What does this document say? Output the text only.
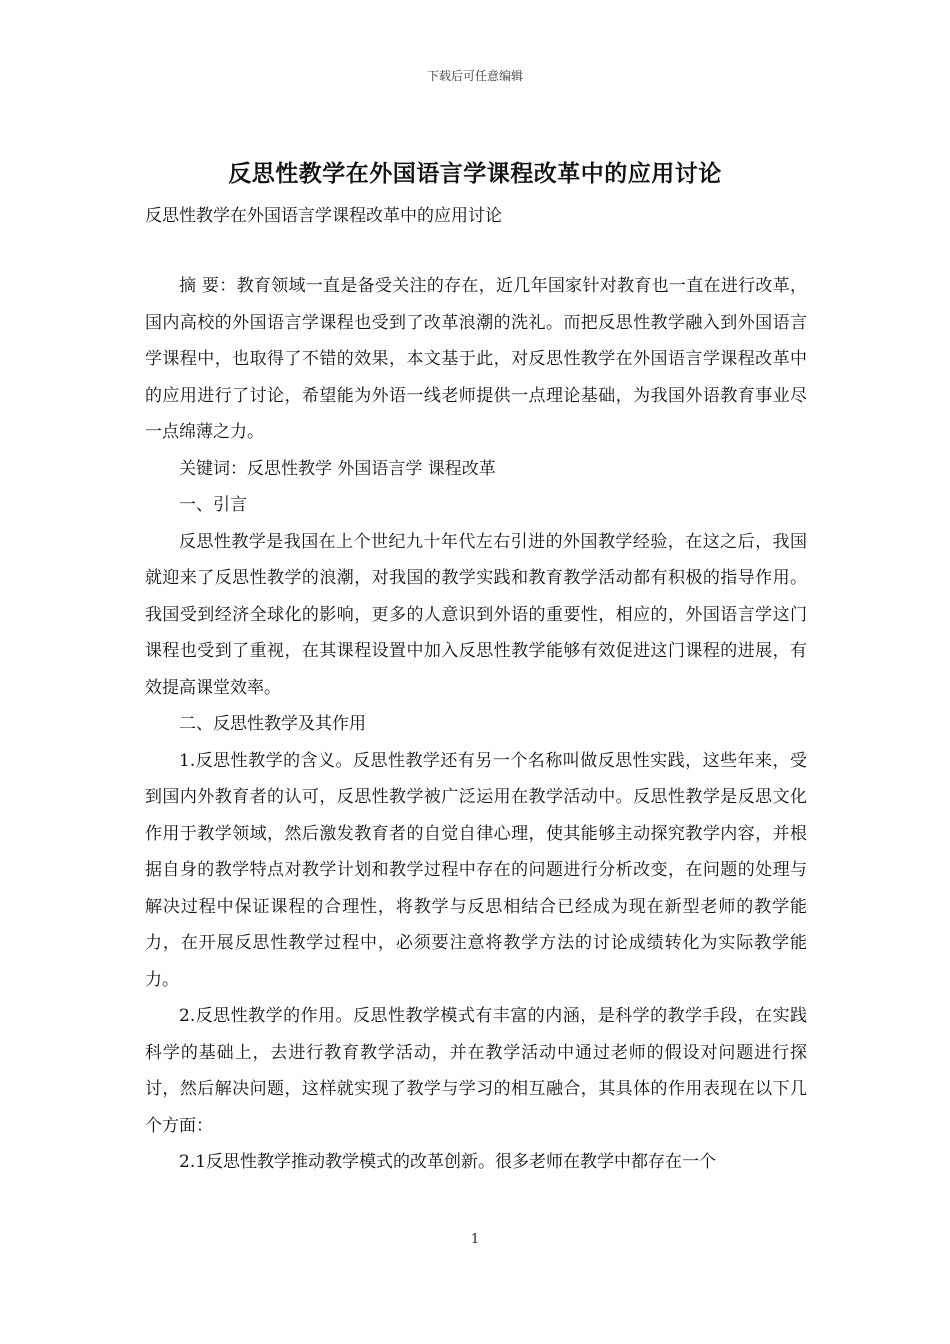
下载后可任意编辑
反思性教学在外国语言学课程改革中的应用讨论

反思性教学在外国语言学课程改革中的应用讨论

摘 要：教育领域一直是备受关注的存在，近几年国家针对教育也一直在进行改革，国内高校的外国语言学课程也受到了改革浪潮的洗礼。而把反思性教学融入到外国语言学课程中，也取得了不错的效果，本文基于此，对反思性教学在外国语言学课程改革中的应用进行了讨论，希望能为外语一线老师提供一点理论基础，为我国外语教育事业尽一点绵薄之力。

关键词：反思性教学 外国语言学 课程改革

一、引言

反思性教学是我国在上个世纪九十年代左右引进的外国教学经验，在这之后，我国就迎来了反思性教学的浪潮，对我国的教学实践和教育教学活动都有积极的指导作用。我国受到经济全球化的影响，更多的人意识到外语的重要性，相应的，外国语言学这门课程也受到了重视，在其课程设置中加入反思性教学能够有效促进这门课程的进展，有效提高课堂效率。

二、反思性教学及其作用

1.反思性教学的含义。反思性教学还有另一个名称叫做反思性实践，这些年来，受到国内外教育者的认可，反思性教学被广泛运用在教学活动中。反思性教学是反思文化作用于教学领域，然后激发教育者的自觉自律心理，使其能够主动探究教学内容，并根据自身的教学特点对教学计划和教学过程中存在的问题进行分析改变，在问题的处理与解决过程中保证课程的合理性，将教学与反思相结合已经成为现在新型老师的教学能力，在开展反思性教学过程中，必须要注意将教学方法的讨论成绩转化为实际教学能力。

2.反思性教学的作用。反思性教学模式有丰富的内涵，是科学的教学手段，在实践科学的基础上，去进行教育教学活动，并在教学活动中通过老师的假设对问题进行探讨，然后解决问题，这样就实现了教学与学习的相互融合，其具体的作用表现在以下几个方面：

2.1反思性教学推动教学模式的改革创新。很多老师在教学中都存在一个

1
